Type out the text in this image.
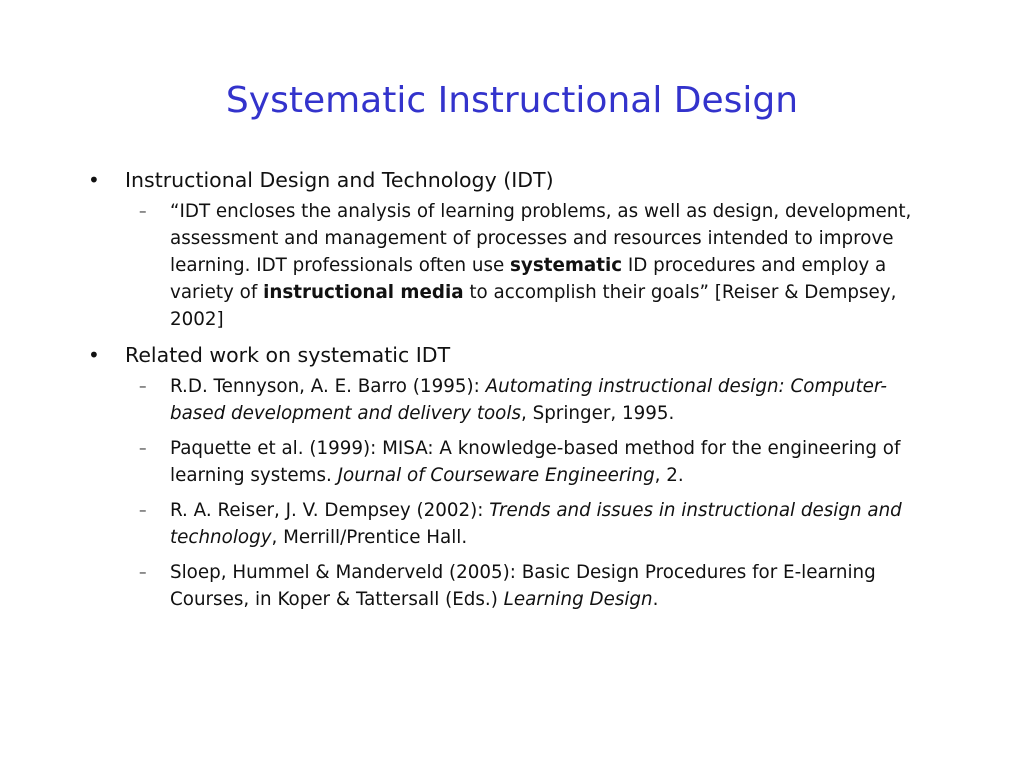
Systematic Instructional Design
•	Instructional Design and Technology (IDT)
– “IDT encloses the analysis of learning problems, as well as design, development, assessment and management of processes and resources intended to improve learning. IDT professionals often use systematic ID procedures and employ a variety of instructional media to accomplish their goals” [Reiser & Dempsey, 2002]
•	Related work on systematic IDT
– R.D. Tennyson, A. E. Barro (1995): Automating instructional design: Computer-based development and delivery tools, Springer, 1995.
– Paquette et al. (1999): MISA: A knowledge-based method for the engineering of learning systems. Journal of Courseware Engineering, 2.
– R. A. Reiser, J. V. Dempsey (2002): Trends and issues in instructional design and technology, Merrill/Prentice Hall.
– Sloep, Hummel & Manderveld (2005): Basic Design Procedures for E-learning Courses, in Koper & Tattersall (Eds.) Learning Design.
